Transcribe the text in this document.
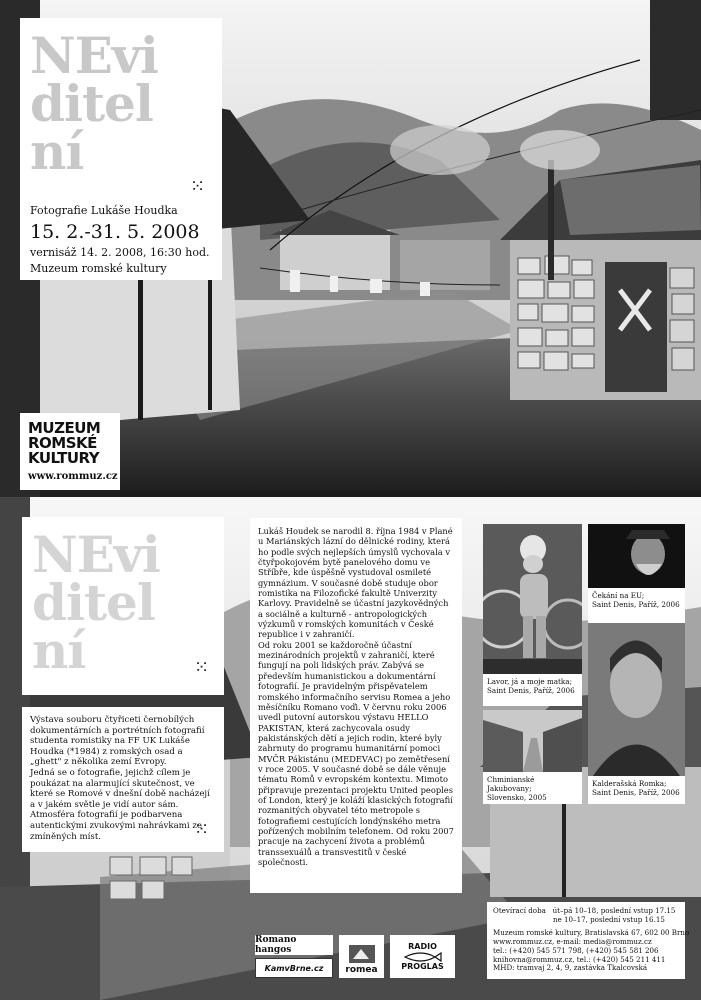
NEvi
ditel
ní
⁙
Fotografie Lukáše Houdka
15. 2.-31. 5. 2008
vernisáž 14. 2. 2008, 16:30 hod.
Muzeum romské kultury
MUZEUM
ROMSKÉ
KULTURY
www.rommuz.cz
NEvi
ditel
ní	⁙

Výstava souboru čtyřiceti černobílých dokumentárních a portrétních fotografií studenta romistiky na FF UK Lukáše Houdka (*1984) z romských osad a „ghett" z několika zemí Evropy.

Jedná se o fotografie, jejichž cílem je poukázat na alarmující skutečnost, ve které se Romové v dnešní době nacházejí a v jakém světle je vidí autor sám. Atmosféra fotografií je podbarvena autentickými zvukovými nahrávkami ze zmíněných míst.	⁙

Lukáš Houdek se narodil 8. října 1984 v Plané u Mariánských lázní do dělnické rodiny, která ho podle svých nejlepších úmyslů vychovala v čtyřpokojovém bytě panelového domu ve Stříbře, kde úspěšně vystudoval osmileté gymnázium. V současné době studuje obor romistika na Filozofické fakultě Univerzity Karlovy. Pravidelně se účastní jazykovědných a sociálně a kulturně - antropologických výzkumů v romských komunitách v České republice i v zahraničí.

Od roku 2001 se každoročně účastní mezinárodních projektů v zahraničí, které fungují na poli lidských práv. Zabývá se především humanistickou a dokumentární fotografií. Je pravidelným přispěvatelem romského informačního servisu Romea a jeho měsíčníku Romano voďi. V červnu roku 2006 uvedl putovní autorskou výstavu HELLO PAKISTAN, která zachycovala osudy pakistánských dětí a jejich rodin, které byly zahrnuty do programu humanitární pomoci MVČR Pákistánu (MEDEVAC) po zemětřesení v roce 2005. V současné době se dále věnuje tématu Romů v evropském kontextu. Mimoto připravuje prezentaci projektu United peoples of London, který je koláží klasických fotografií rozmanitých obyvatel této metropole s fotografiemi cestujících londýnského metra pořízených mobilním telefonem. Od roku 2007 pracuje na zachycení života a problémů transsexuálů a transvestitů v české společnosti.

Čekání na EU;
Saint Denis, Paříž, 2006
Lavor, já a moje matka;
Saint Denis, Paříž, 2006
Chminianské Jakubovany;
Slovensko, 2005
Kalderašská Romka;
Saint Denis, Paříž, 2006
Otevírací doba út–pá 10–18, poslední vstup 17.15
ne 10–17, poslední vstup 16.15
Muzeum romské kultury, Bratislavská 67, 602 00 Brno
www.rommuz.cz, e-mail: media@rommuz.cz
tel.: (+420) 545 571 798, (+420) 545 581 206
knihovna@rommuz.cz, tel.: (+420) 545 211 411
MHD: tramvaj 2, 4, 9, zastávka Tkalcovská
Romano hangos
KamvBrne.cz romea
RADIO
PROGLAS
